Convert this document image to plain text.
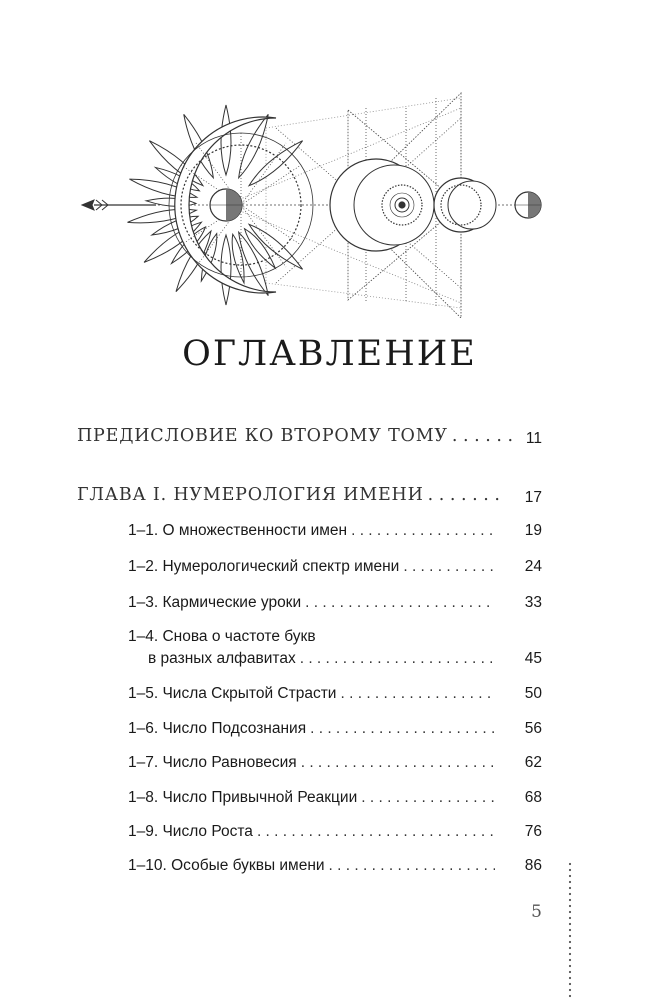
ОГЛАВЛЕНИЕ
ПРЕДИСЛОВИЕ КО ВТОРОМУ ТОМУ . . .	11
ГЛАВА I. НУМЕРОЛОГИЯ ИМЕНИ . . .	17
1–1. О множественности имен . . .	19
1–2. Нумерологический спектр имени . . .	24
1–3. Кармические уроки . . .	33
1–4. Снова о частоте букв
в разных алфавитах . . .	45
1–5. Числа Скрытой Страсти . . .	50
1–6. Число Подсознания . . .	56
1–7. Число Равновесия . . .	62
1–8. Число Привычной Реакции . . .	68
1–9. Число Роста . . .	76
1–10. Особые буквы имени . . .	86
5
